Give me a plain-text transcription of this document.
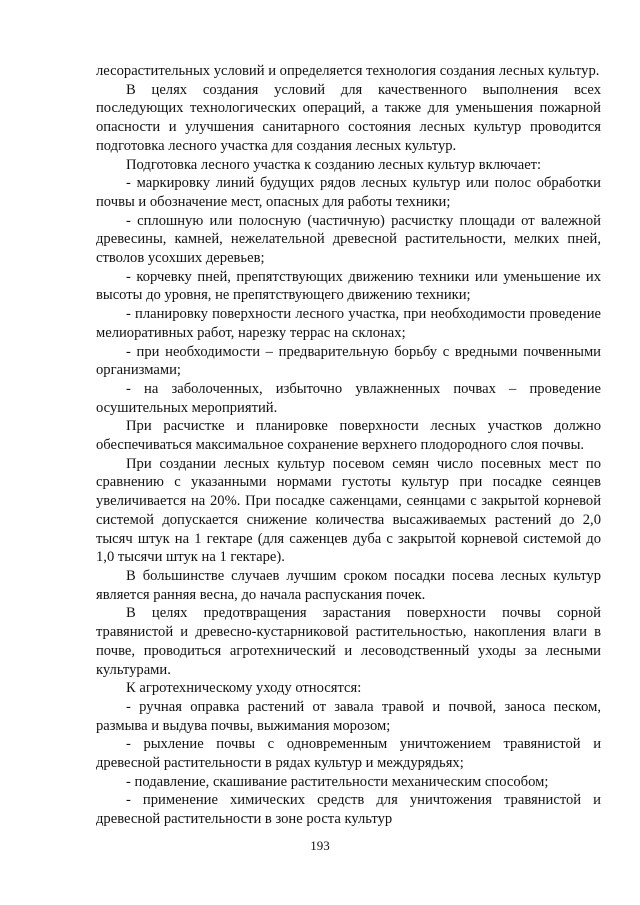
лесорастительных условий и определяется технология создания лесных культур.

В целях создания условий для качественного выполнения всех последующих технологических операций, а также для уменьшения пожарной опасности и улучшения санитарного состояния лесных культур проводится подготовка лесного участка для создания лесных культур.

Подготовка лесного участка к созданию лесных культур включает:

- маркировку линий будущих рядов лесных культур или полос обработки почвы и обозначение мест, опасных для работы техники;

- сплошную или полосную (частичную) расчистку площади от валежной древесины, камней, нежелательной древесной растительности, мелких пней, стволов усохших деревьев;

- корчевку пней, препятствующих движению техники или уменьшение их высоты до уровня, не препятствующего движению техники;

- планировку поверхности лесного участка, при необходимости проведение мелиоративных работ, нарезку террас на склонах;

- при необходимости – предварительную борьбу с вредными почвенными организмами;

- на заболоченных, избыточно увлажненных почвах – проведение осушительных мероприятий.

При расчистке и планировке поверхности лесных участков должно обеспечиваться максимальное сохранение верхнего плодородного слоя почвы.

При создании лесных культур посевом семян число посевных мест по сравнению с указанными нормами густоты культур при посадке сеянцев увеличивается на 20%. При посадке саженцами, сеянцами с закрытой корневой системой допускается снижение количества высаживаемых растений до 2,0 тысяч штук на 1 гектаре (для саженцев дуба с закрытой корневой системой до 1,0 тысячи штук на 1 гектаре).

В большинстве случаев лучшим сроком посадки посева лесных культур является ранняя весна, до начала распускания почек.

В целях предотвращения зарастания поверхности почвы сорной травянистой и древесно-кустарниковой растительностью, накопления влаги в почве, проводиться агротехнический и лесоводственный уходы за лесными культурами.

К агротехническому уходу относятся:

- ручная оправка растений от завала травой и почвой, заноса песком, размыва и выдува почвы, выжимания морозом;

- рыхление почвы с одновременным уничтожением травянистой и древесной растительности в рядах культур и междурядьях;

- подавление, скашивание растительности механическим способом;

- применение химических средств для уничтожения травянистой и древесной растительности в зоне роста культур

193
